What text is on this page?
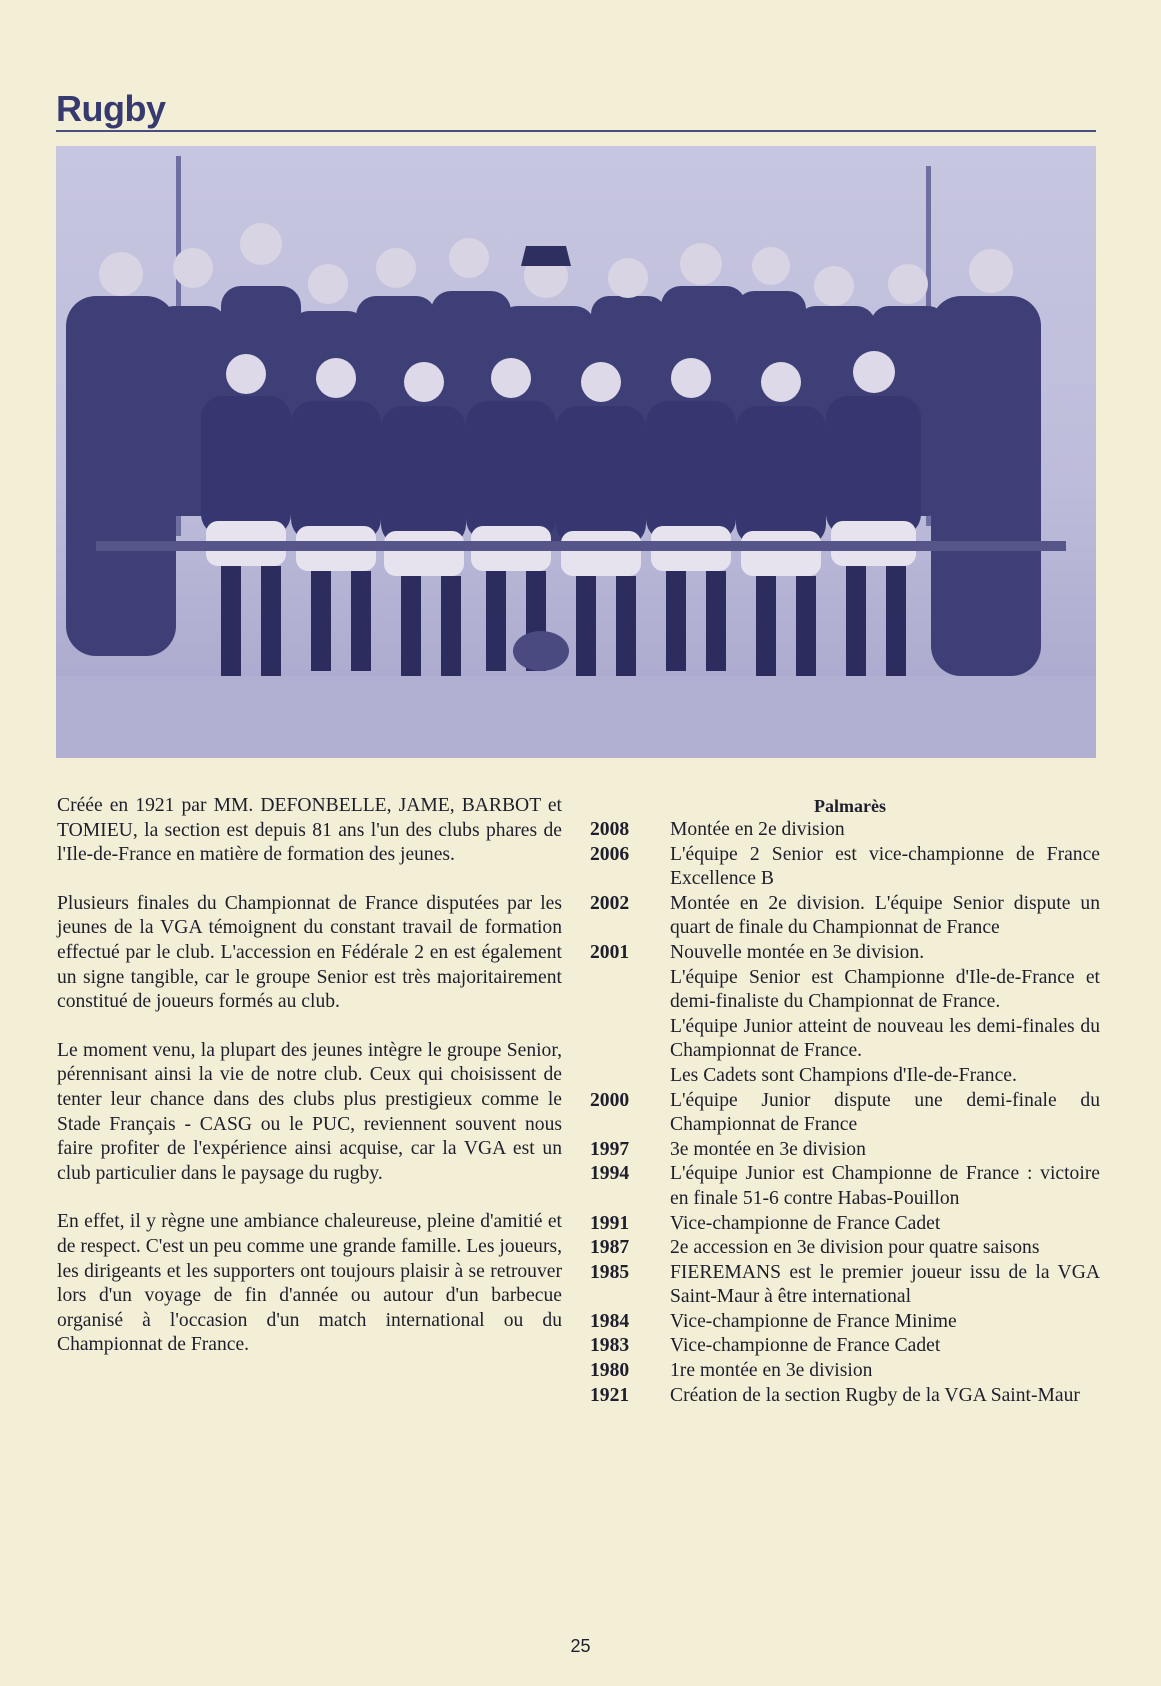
Rugby

Créée en 1921 par MM. DEFONBELLE, JAME, BARBOT et TOMIEU, la section est depuis 81 ans l'un des clubs phares de l'Ile-de-France en matière de formation des jeunes.

Plusieurs finales du Championnat de France disputées par les jeunes de la VGA témoignent du constant travail de formation effectué par le club. L'accession en Fédérale 2 en est également un signe tangible, car le groupe Senior est très majoritairement constitué de joueurs formés au club.

Le moment venu, la plupart des jeunes intègre le groupe Senior, pérennisant ainsi la vie de notre club. Ceux qui choisissent de tenter leur chance dans des clubs plus prestigieux comme le Stade Français - CASG ou le PUC, reviennent souvent nous faire profiter de l'expérience ainsi acquise, car la VGA est un club particulier dans le paysage du rugby.

En effet, il y règne une ambiance chaleureuse, pleine d'amitié et de respect. C'est un peu comme une grande famille. Les joueurs, les dirigeants et les supporters ont toujours plaisir à se retrouver lors d'un voyage de fin d'année ou autour d'un barbecue organisé à l'occasion d'un match international ou du Championnat de France.

Palmarès
2008	Montée en 2e division
2006	L'équipe 2 Senior est vice-championne de France Excellence B
2002	Montée en 2e division. L'équipe Senior dispute un quart de finale du Championnat de France
2001	Nouvelle montée en 3e division.
L'équipe Senior est Championne d'Ile-de-France et demi-finaliste du Championnat de France.
L'équipe Junior atteint de nouveau les demi-finales du Championnat de France.
Les Cadets sont Champions d'Ile-de-France.
2000	L'équipe Junior dispute une demi-finale du Championnat de France
1997	3e montée en 3e division
1994	L'équipe Junior est Championne de France : victoire en finale 51-6 contre Habas-Pouillon
1991	Vice-championne de France Cadet
1987	2e accession en 3e division pour quatre saisons
1985	FIEREMANS est le premier joueur issu de la VGA Saint-Maur à être international
1984	Vice-championne de France Minime
1983	Vice-championne de France Cadet
1980	1re montée en 3e division
1921	Création de la section Rugby de la VGA Saint-Maur
25
